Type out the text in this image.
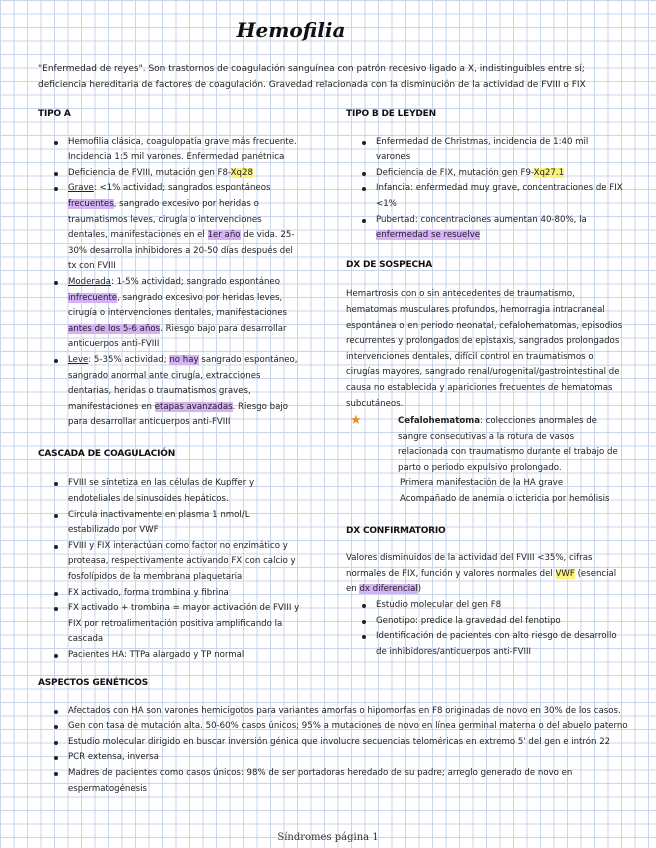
Hemofilia
"Enfermedad de reyes". Son trastornos de coagulación sanguínea con patrón recesivo ligado a X, indistinguibles entre sí; deficiencia hereditaria de factores de coagulación. Gravedad relacionada con la disminución de la actividad de FVIII o FIX

TIPO A

Hemofilia clásica, coagulopatía grave más frecuente. Incidencia 1:5 mil varones. Enfermedad panétnica
Deficiencia de FVIII, mutación gen F8-Xq28
Grave: <1% actividad; sangrados espontáneos frecuentes, sangrado excesivo por heridas o traumatismos leves, cirugía o intervenciones dentales, manifestaciones en el 1er año de vida. 25-30% desarrolla inhibidores a 20-50 días después del tx con FVIII
Moderada: 1-5% actividad; sangrado espontáneo infrecuente, sangrado excesivo por heridas leves, cirugía o intervenciones dentales, manifestaciones antes de los 5-6 años. Riesgo bajo para desarrollar anticuerpos anti-FVIII
Leve: 5-35% actividad; no hay sangrado espontáneo, sangrado anormal ante cirugía, extracciones dentarias, heridas o traumatismos graves, manifestaciones en etapas avanzadas. Riesgo bajo para desarrollar anticuerpos anti-FVIII

CASCADA DE COAGULACIÓN

FVIII se sintetiza en las células de Kupffer y endoteliales de sinusoides hepáticos.
Circula inactivamente en plasma 1 nmol/L estabilizado por VWF
FVIII y FIX interactúan como factor no enzimático y proteasa, respectivamente activando FX con calcio y fosfolípidos de la membrana plaquetaria
FX activado, forma trombina y fibrina
FX activado + trombina = mayor activación de FVIII y FIX por retroalimentación positiva amplificando la cascada
Pacientes HA: TTPa alargado y TP normal

TIPO B DE LEYDEN

Enfermedad de Christmas, incidencia de 1:40 mil varones
Deficiencia de FIX, mutación gen F9-Xq27.1
Infancia: enfermedad muy grave, concentraciones de FIX <1%
Pubertad: concentraciones aumentan 40-80%, la enfermedad se resuelve

DX DE SOSPECHA

Hemartrosis con o sin antecedentes de traumatismo, hematomas musculares profundos, hemorragia intracraneal espontánea o en periodo neonatal, cefalohematomas, episodios recurrentes y prolongados de epistaxis, sangrados prolongados intervenciones dentales, difícil control en traumatismos o cirugías mayores, sangrado renal/urogenital/gastrointestinal de causa no establecida y apariciones frecuentes de hematomas subcutáneos.

★	Cefalohematoma: colecciones anormales de sangre consecutivas a la rotura de vasos relacionada con traumatismo durante el trabajo de parto o periodo expulsivo prolongado.
Primera manifestación de la HA grave
Acompañado de anemia o ictericia por hemólisis

DX CONFIRMATORIO

Valores disminuidos de la actividad del FVIII <35%, cifras normales de FIX, función y valores normales del VWF (esencial en dx diferencial)

Estudio molecular del gen F8
Genotipo: predice la gravedad del fenotipo
Identificación de pacientes con alto riesgo de desarrollo de inhibidores/anticuerpos anti-FVIII

ASPECTOS GENÉTICOS

Afectados con HA son varones hemicigotos para variantes amorfas o hipomorfas en F8 originadas de novo en 30% de los casos.
Gen con tasa de mutación alta. 50-60% casos únicos; 95% a mutaciones de novo en línea germinal materna o del abuelo paterno
Estudio molecular dirigido en buscar inversión génica que involucre secuencias teloméricas en extremo 5' del gen e intrón 22
PCR extensa, inversa
Madres de pacientes como casos únicos: 98% de ser portadoras heredado de su padre; arreglo generado de novo en espermatogénesis
Síndromes página 1
